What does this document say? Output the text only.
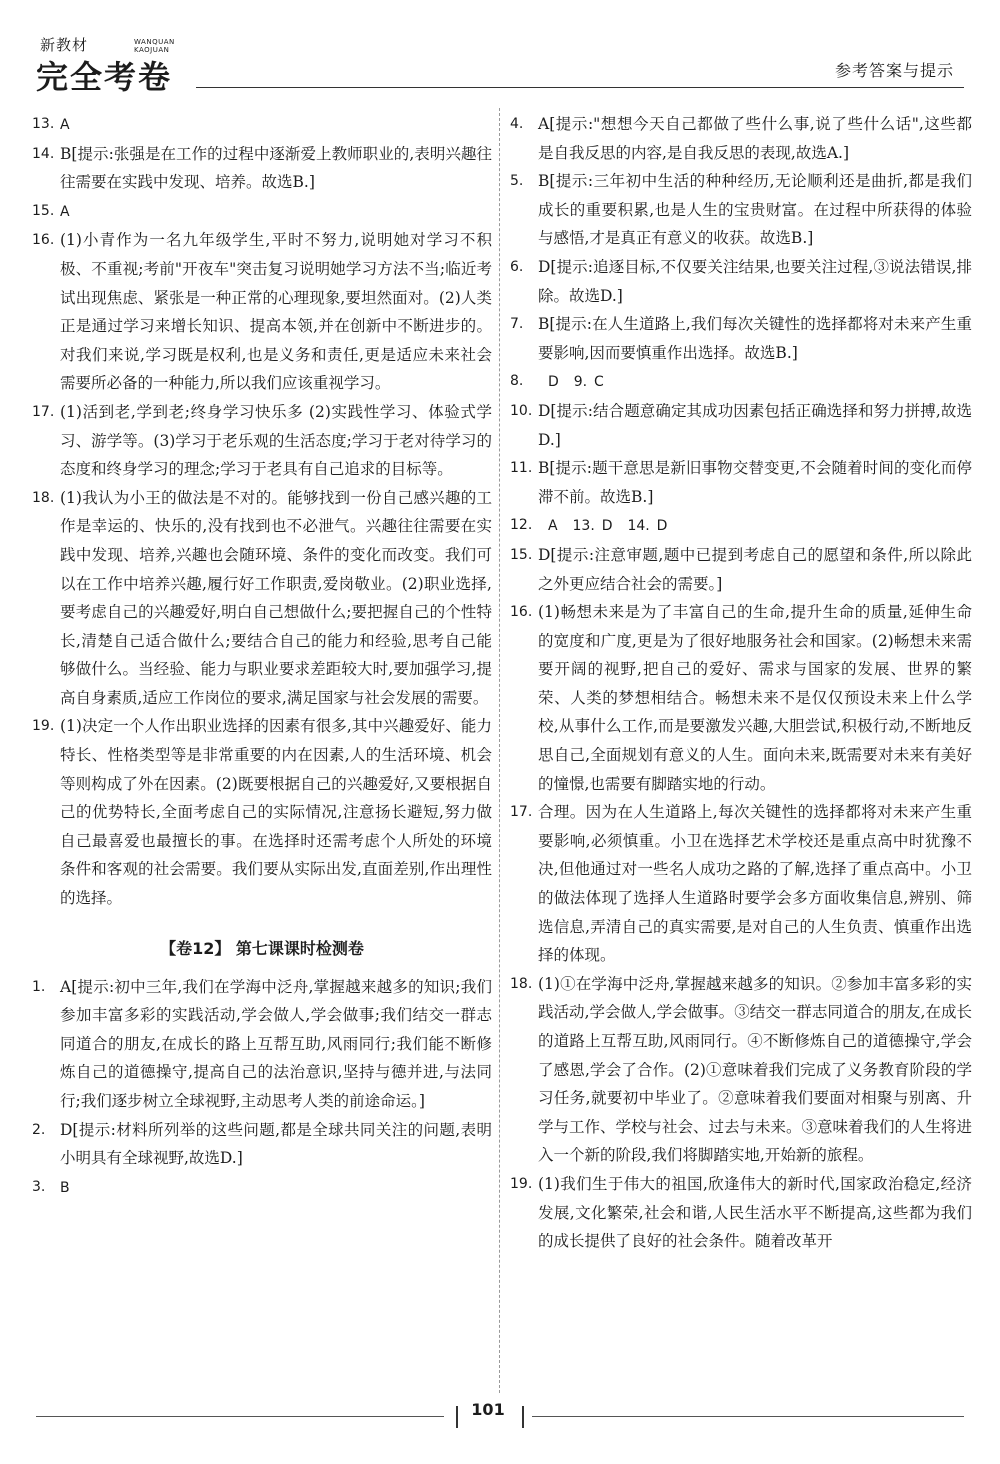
新教材	WANQUAN
KAOJUAN
完全考卷	参考答案与提示
13. A
14. B[提示:张强是在工作的过程中逐渐爱上教师职业的,表明兴趣往往需要在实践中发现、培养。故选B.]
15. A
16. (1)小青作为一名九年级学生,平时不努力,说明她对学习不积极、不重视;考前"开夜车"突击复习说明她学习方法不当;临近考试出现焦虑、紧张是一种正常的心理现象,要坦然面对。(2)人类正是通过学习来增长知识、提高本领,并在创新中不断进步的。对我们来说,学习既是权利,也是义务和责任,更是适应未来社会需要所必备的一种能力,所以我们应该重视学习。
17. (1)活到老,学到老;终身学习快乐多 (2)实践性学习、体验式学习、游学等。(3)学习于老乐观的生活态度;学习于老对待学习的态度和终身学习的理念;学习于老具有自己追求的目标等。
18. (1)我认为小王的做法是不对的。能够找到一份自己感兴趣的工作是幸运的、快乐的,没有找到也不必泄气。兴趣往往需要在实践中发现、培养,兴趣也会随环境、条件的变化而改变。我们可以在工作中培养兴趣,履行好工作职责,爱岗敬业。(2)职业选择,要考虑自己的兴趣爱好,明白自己想做什么;要把握自己的个性特长,清楚自己适合做什么;要结合自己的能力和经验,思考自己能够做什么。当经验、能力与职业要求差距较大时,要加强学习,提高自身素质,适应工作岗位的要求,满足国家与社会发展的需要。
19. (1)决定一个人作出职业选择的因素有很多,其中兴趣爱好、能力特长、性格类型等是非常重要的内在因素,人的生活环境、机会等则构成了外在因素。(2)既要根据自己的兴趣爱好,又要根据自己的优势特长,全面考虑自己的实际情况,注意扬长避短,努力做自己最喜爱也最擅长的事。在选择时还需考虑个人所处的环境条件和客观的社会需要。我们要从实际出发,直面差别,作出理性的选择。
【卷12】 第七课课时检测卷
1. A[提示:初中三年,我们在学海中泛舟,掌握越来越多的知识;我们参加丰富多彩的实践活动,学会做人,学会做事;我们结交一群志同道合的朋友,在成长的路上互帮互助,风雨同行;我们能不断修炼自己的道德操守,提高自己的法治意识,坚持与德并进,与法同行;我们逐步树立全球视野,主动思考人类的前途命运。]
2. D[提示:材料所列举的这些问题,都是全球共同关注的问题,表明小明具有全球视野,故选D.]
3. B
4. A[提示:"想想今天自己都做了些什么事,说了些什么话",这些都是自我反思的内容,是自我反思的表现,故选A.]
5. B[提示:三年初中生活的种种经历,无论顺利还是曲折,都是我们成长的重要积累,也是人生的宝贵财富。在过程中所获得的体验与感悟,才是真正有意义的收获。故选B.]
6. D[提示:追逐目标,不仅要关注结果,也要关注过程,③说法错误,排除。故选D.]
7. B[提示:在人生道路上,我们每次关键性的选择都将对未来产生重要影响,因而要慎重作出选择。故选B.]
8. D 9. C
10. D[提示:结合题意确定其成功因素包括正确选择和努力拼搏,故选D.]
11. B[提示:题干意思是新旧事物交替变更,不会随着时间的变化而停滞不前。故选B.]
12. A 13. D 14. D
15. D[提示:注意审题,题中已提到考虑自己的愿望和条件,所以除此之外更应结合社会的需要。]
16. (1)畅想未来是为了丰富自己的生命,提升生命的质量,延伸生命的宽度和广度,更是为了很好地服务社会和国家。(2)畅想未来需要开阔的视野,把自己的爱好、需求与国家的发展、世界的繁荣、人类的梦想相结合。畅想未来不是仅仅预设未来上什么学校,从事什么工作,而是要激发兴趣,大胆尝试,积极行动,不断地反思自己,全面规划有意义的人生。面向未来,既需要对未来有美好的憧憬,也需要有脚踏实地的行动。
17. 合理。因为在人生道路上,每次关键性的选择都将对未来产生重要影响,必须慎重。小卫在选择艺术学校还是重点高中时犹豫不决,但他通过对一些名人成功之路的了解,选择了重点高中。小卫的做法体现了选择人生道路时要学会多方面收集信息,辨别、筛选信息,弄清自己的真实需要,是对自己的人生负责、慎重作出选择的体现。
18. (1)①在学海中泛舟,掌握越来越多的知识。②参加丰富多彩的实践活动,学会做人,学会做事。③结交一群志同道合的朋友,在成长的道路上互帮互助,风雨同行。④不断修炼自己的道德操守,学会了感恩,学会了合作。(2)①意味着我们完成了义务教育阶段的学习任务,就要初中毕业了。②意味着我们要面对相聚与别离、升学与工作、学校与社会、过去与未来。③意味着我们的人生将进入一个新的阶段,我们将脚踏实地,开始新的旅程。
19. (1)我们生于伟大的祖国,欣逢伟大的新时代,国家政治稳定,经济发展,文化繁荣,社会和谐,人民生活水平不断提高,这些都为我们的成长提供了良好的社会条件。随着改革开
101
